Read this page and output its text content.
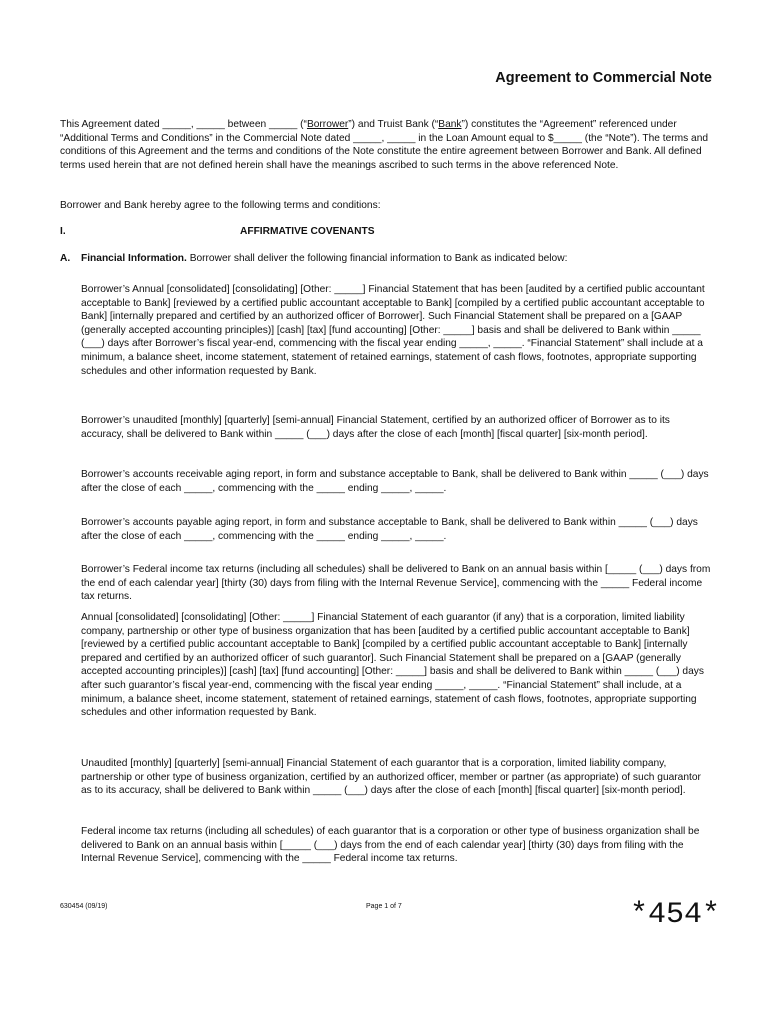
Agreement to Commercial Note

This Agreement dated _____, _____ between _____ (“Borrower”) and Truist Bank (“Bank”) constitutes the “Agreement” referenced under “Additional Terms and Conditions” in the Commercial Note dated _____, _____ in the Loan Amount equal to $_____ (the “Note”). The terms and conditions of this Agreement and the terms and conditions of the Note constitute the entire agreement between Borrower and Bank. All defined terms used herein that are not defined herein shall have the meanings ascribed to such terms in the above referenced Note.

Borrower and Bank hereby agree to the following terms and conditions:

I.	AFFIRMATIVE COVENANTS
A. Financial Information. Borrower shall deliver the following financial information to Bank as indicated below:

Borrower’s Annual [consolidated] [consolidating] [Other: _____] Financial Statement that has been [audited by a certified public accountant acceptable to Bank] [reviewed by a certified public accountant acceptable to Bank] [compiled by a certified public accountant acceptable to Bank] [internally prepared and certified by an authorized officer of Borrower]. Such Financial Statement shall be prepared on a [GAAP (generally accepted accounting principles)] [cash] [tax] [fund accounting] [Other: _____] basis and shall be delivered to Bank within _____ (___) days after Borrower’s fiscal year-end, commencing with the fiscal year ending _____, _____. “Financial Statement” shall include at a minimum, a balance sheet, income statement, statement of retained earnings, statement of cash flows, footnotes, appropriate supporting schedules and other information requested by Bank.

Borrower’s unaudited [monthly] [quarterly] [semi-annual] Financial Statement, certified by an authorized officer of Borrower as to its accuracy, shall be delivered to Bank within _____ (___) days after the close of each [month] [fiscal quarter] [six-month period].

Borrower’s accounts receivable aging report, in form and substance acceptable to Bank, shall be delivered to Bank within _____ (___) days after the close of each _____, commencing with the _____ ending _____, _____.

Borrower’s accounts payable aging report, in form and substance acceptable to Bank, shall be delivered to Bank within _____ (___) days after the close of each _____, commencing with the _____ ending _____, _____.

Borrower’s Federal income tax returns (including all schedules) shall be delivered to Bank on an annual basis within [_____ (___) days from the end of each calendar year] [thirty (30) days from filing with the Internal Revenue Service], commencing with the _____ Federal income tax returns.

Annual [consolidated] [consolidating] [Other: _____] Financial Statement of each guarantor (if any) that is a corporation, limited liability company, partnership or other type of business organization that has been [audited by a certified public accountant acceptable to Bank] [reviewed by a certified public accountant acceptable to Bank] [compiled by a certified public accountant acceptable to Bank] [internally prepared and certified by an authorized officer of such guarantor]. Such Financial Statement shall be prepared on a [GAAP (generally accepted accounting principles)] [cash] [tax] [fund accounting] [Other: _____] basis and shall be delivered to Bank within _____ (___) days after such guarantor’s fiscal year-end, commencing with the fiscal year ending _____, _____. “Financial Statement” shall include, at a minimum, a balance sheet, income statement, statement of retained earnings, statement of cash flows, footnotes, appropriate supporting schedules and other information requested by Bank.

Unaudited [monthly] [quarterly] [semi-annual] Financial Statement of each guarantor that is a corporation, limited liability company, partnership or other type of business organization, certified by an authorized officer, member or partner (as appropriate) of such guarantor as to its accuracy, shall be delivered to Bank within _____ (___) days after the close of each [month] [fiscal quarter] [six-month period].

Federal income tax returns (including all schedules) of each guarantor that is a corporation or other type of business organization shall be delivered to Bank on an annual basis within [_____ (___) days from the end of each calendar year] [thirty (30) days from filing with the Internal Revenue Service], commencing with the _____ Federal income tax returns.

630454 (09/19)	Page 1 of 7	*454*
